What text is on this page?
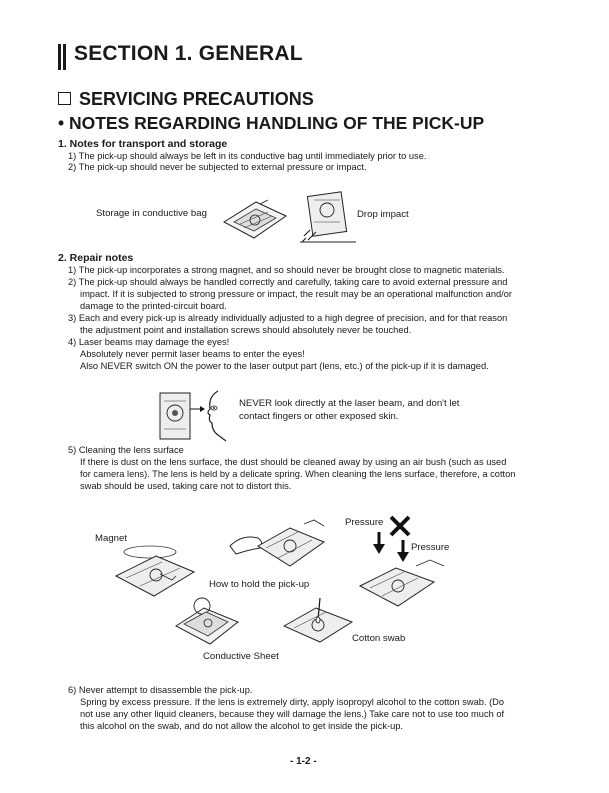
SECTION 1. GENERAL
SERVICING PRECAUTIONS
• NOTES REGARDING HANDLING OF THE PICK-UP
1. Notes for transport and storage
1) The pick-up should always be left in its conductive bag until immediately prior to use.
2) The pick-up should never be subjected to external pressure or impact.
Storage in conductive bag	Drop impact
2. Repair notes
1) The pick-up incorporates a strong magnet, and so should never be brought close to magnetic materials.
2) The pick-up should always be handled correctly and carefully, taking care to avoid external pressure and
impact. If it is subjected to strong pressure or impact, the result may be an operational malfunction and/or
damage to the printed-circuit board.
3) Each and every pick-up is already individually adjusted to a high degree of precision, and for that reason
the adjustment point and installation screws should absolutely never be touched.
4) Laser beams may damage the eyes!
Absolutely never permit laser beams to enter the eyes!
Also NEVER switch ON the power to the laser output part (lens, etc.) of the pick-up if it is damaged.
NEVER look directly at the laser beam, and don't let
contact fingers or other exposed skin.
5) Cleaning the lens surface
If there is dust on the lens surface, the dust should be cleaned away by using an air bush (such as used
for camera lens). The lens is held by a delicate spring. When cleaning the lens surface, therefore, a cotton
swab should be used, taking care not to distort this.
Magnet
Pressure
Pressure
How to hold the pick-up
Cotton swab
Conductive Sheet
6) Never attempt to disassemble the pick-up.
Spring by excess pressure. If the lens is extremely dirty, apply isopropyl alcohol to the cotton swab. (Do
not use any other liquid cleaners, because they will damage the lens.) Take care not to use too much of
this alcohol on the swab, and do not allow the alcohol to get inside the pick-up.
- 1-2 -
